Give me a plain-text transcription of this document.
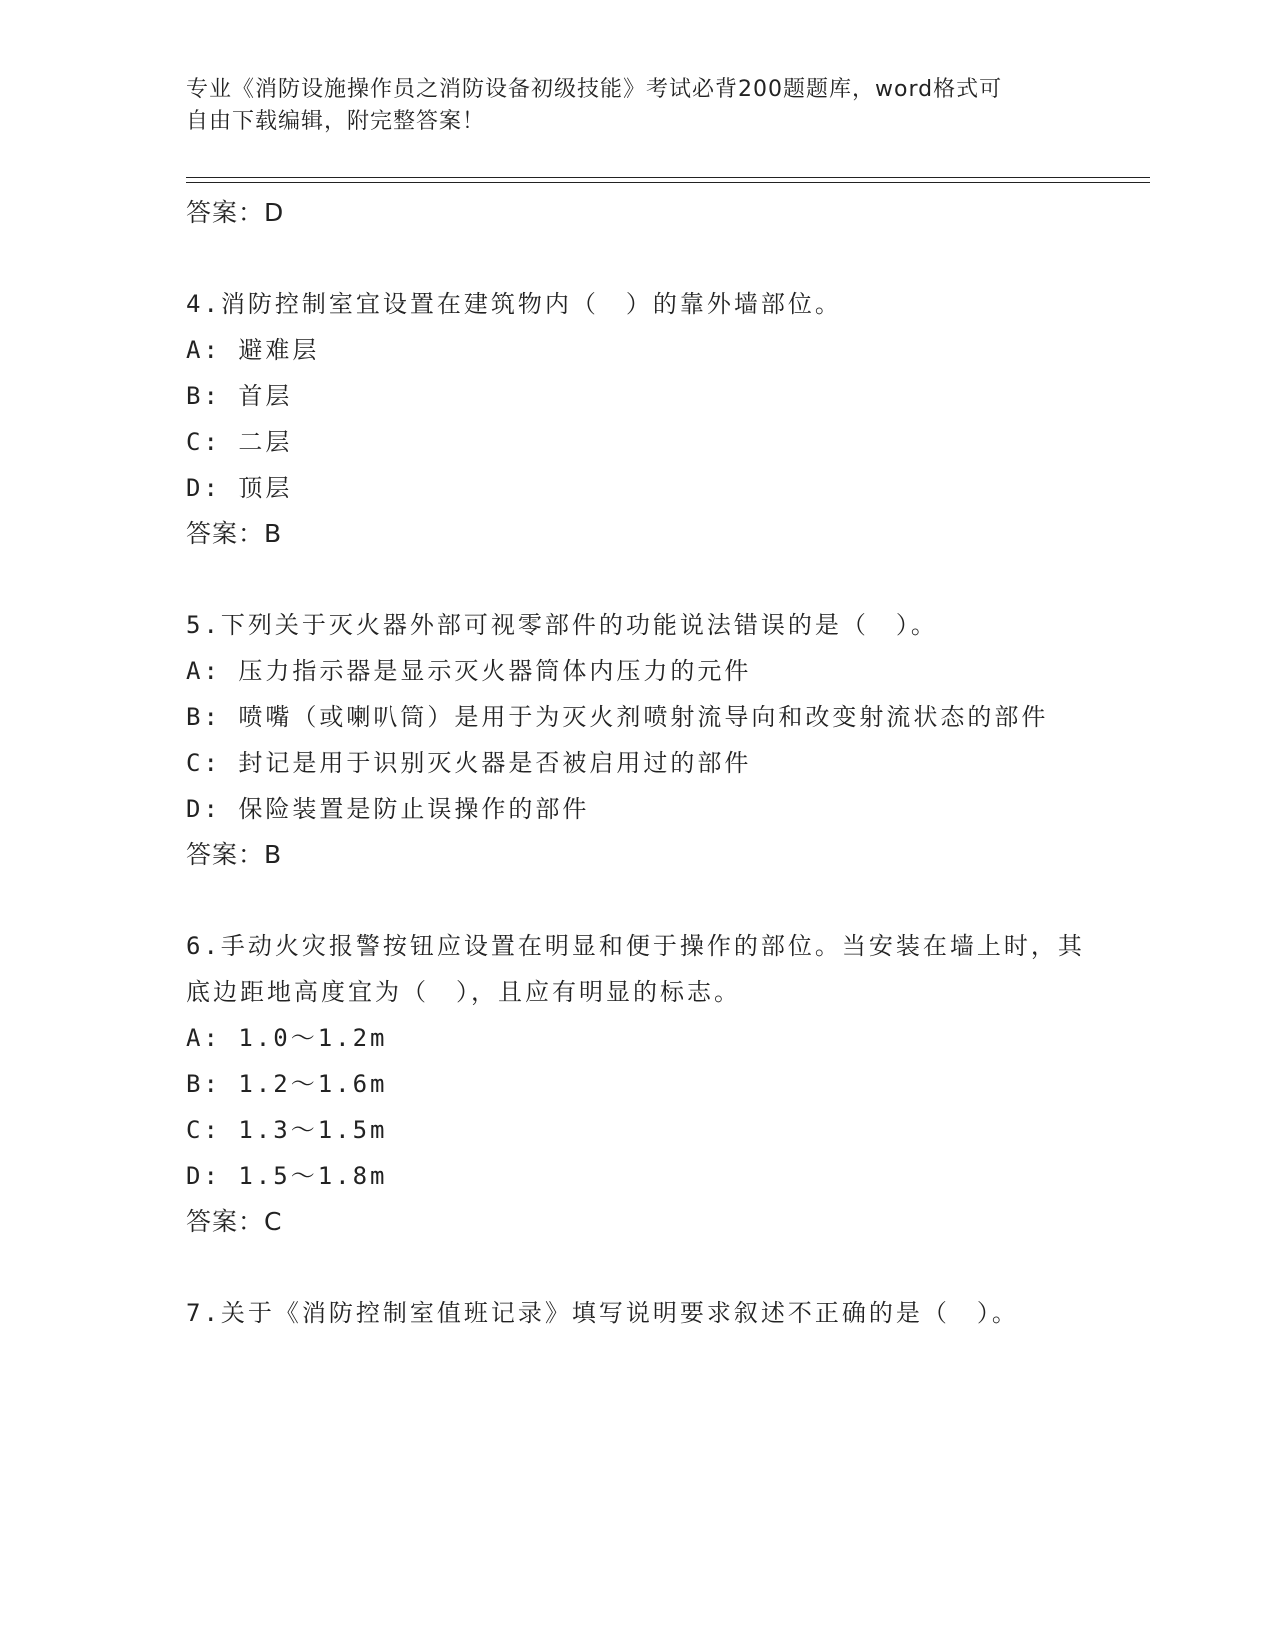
专业《消防设施操作员之消防设备初级技能》考试必背200题题库，word格式可
自由下载编辑，附完整答案！

答案：D

4.消防控制室宜设置在建筑物内（　）的靠外墙部位。

A: 避难层

B: 首层

C: 二层

D: 顶层

答案：B

5.下列关于灭火器外部可视零部件的功能说法错误的是（　）。

A: 压力指示器是显示灭火器筒体内压力的元件

B: 喷嘴（或喇叭筒）是用于为灭火剂喷射流导向和改变射流状态的部件

C: 封记是用于识别灭火器是否被启用过的部件

D: 保险装置是防止误操作的部件

答案：B

6.手动火灾报警按钮应设置在明显和便于操作的部位。当安装在墙上时，其底边距地高度宜为（　），且应有明显的标志。

A: 1.0～1.2m

B: 1.2～1.6m

C: 1.3～1.5m

D: 1.5～1.8m

答案：C

7.关于《消防控制室值班记录》填写说明要求叙述不正确的是（　）。
